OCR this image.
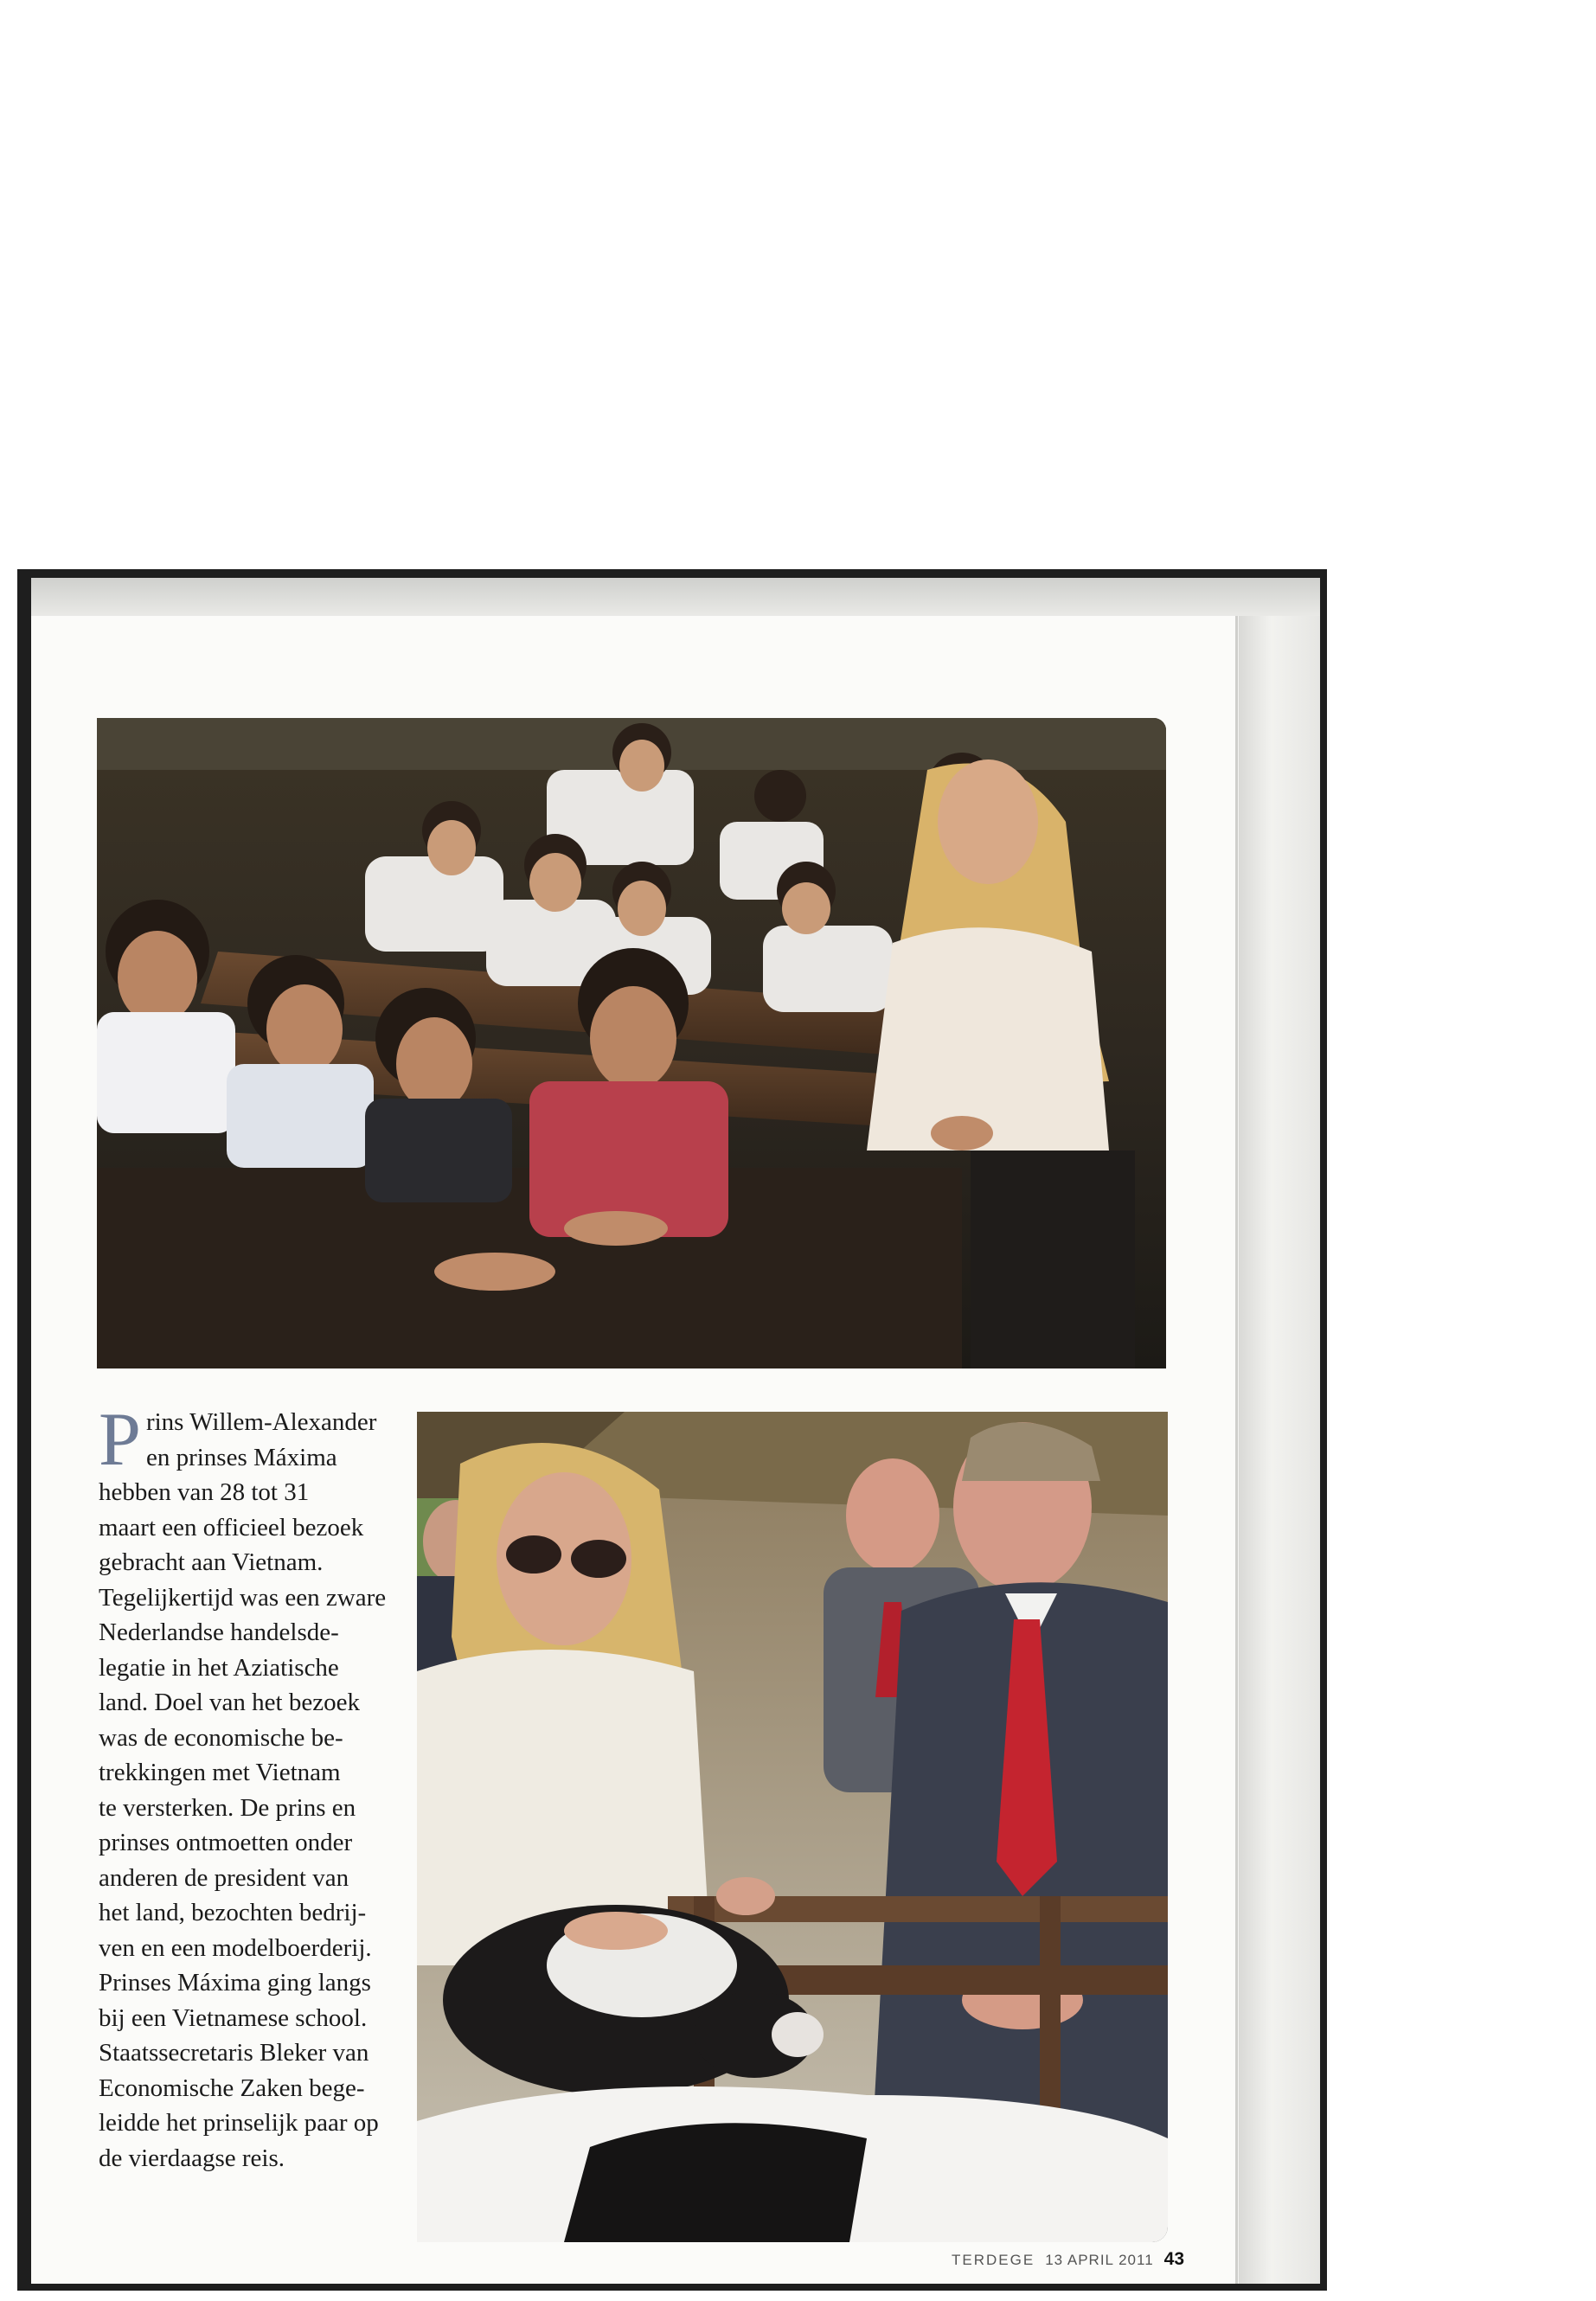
P rins Willem-Alexander

en prinses Máxima

hebben van 28 tot 31

maart een officieel bezoek

gebracht aan Vietnam.

Tegelijkertijd was een zware

Nederlandse handelsde-

legatie in het Aziatische

land. Doel van het bezoek

was de economische be-

trekkingen met Vietnam

te versterken. De prins en

prinses ontmoetten onder

anderen de president van

het land, bezochten bedrij-

ven en een modelboerderij.

Prinses Máxima ging langs

bij een Vietnamese school.

Staatssecretaris Bleker van

Economische Zaken bege-

leidde het prinselijk paar op

de vierdaagse reis.

TERDEGE 13 APRIL 2011 43
